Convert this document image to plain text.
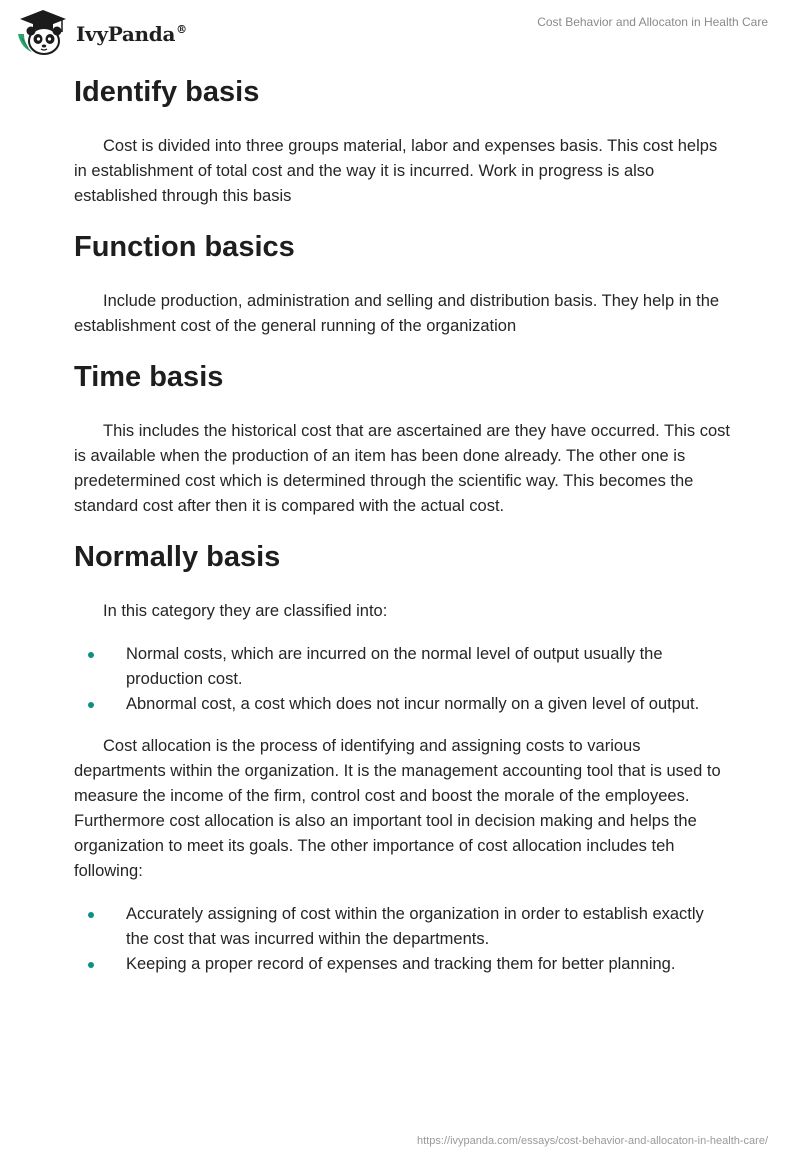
IvyPanda®
Cost Behavior and Allocaton in Health Care
Identify basis

Cost is divided into three groups material, labor and expenses basis. This cost helps in establishment of total cost and the way it is incurred. Work in progress is also established through this basis

Function basics

Include production, administration and selling and distribution basis. They help in the establishment cost of the general running of the organization

Time basis

This includes the historical cost that are ascertained are they have occurred. This cost is available when the production of an item has been done already. The other one is predetermined cost which is determined through the scientific way. This becomes the standard cost after then it is compared with the actual cost.

Normally basis

In this category they are classified into:

Normal costs, which are incurred on the normal level of output usually the production cost.
Abnormal cost, a cost which does not incur normally on a given level of output.

Cost allocation is the process of identifying and assigning costs to various departments within the organization. It is the management accounting tool that is used to measure the income of the firm, control cost and boost the morale of the employees. Furthermore cost allocation is also an important tool in decision making and helps the organization to meet its goals. The other importance of cost allocation includes teh following:

Accurately assigning of cost within the organization in order to establish exactly the cost that was incurred within the departments.
Keeping a proper record of expenses and tracking them for better planning.
https://ivypanda.com/essays/cost-behavior-and-allocaton-in-health-care/
